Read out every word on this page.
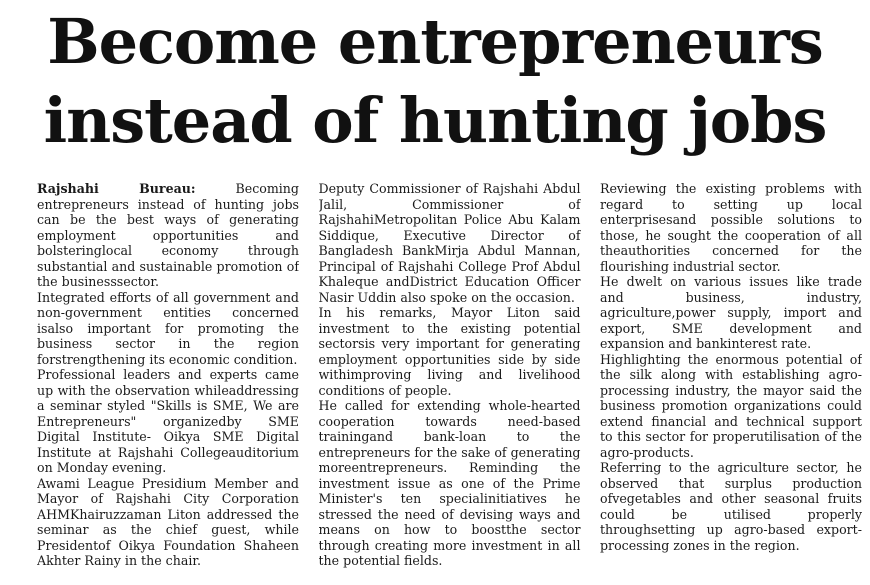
Become entrepreneurs
instead of hunting jobs

Rajshahi Bureau:	Becoming entrepreneurs instead of hunting jobs can be the best ways of generating employment opportunities and bolsteringlocal economy through substantial and sustainable promotion of the businesssector.

Integrated efforts of all government and non-government entities concerned isalso important for promoting the business sector in the region forstrengthening its economic condition.

Professional leaders and experts came up with the observation whileaddressing a seminar styled "Skills is SME, We are Entrepreneurs" organizedby SME Digital Institute- Oikya SME Digital Institute at Rajshahi Collegeauditorium on Monday evening.

Awami League Presidium Member and Mayor of Rajshahi City Corporation AHMKhairuzzaman Liton addressed the seminar as the chief guest, while Presidentof Oikya Foundation Shaheen Akhter Rainy in the chair.

Deputy Commissioner of Rajshahi Abdul Jalil, Commissioner of RajshahiMetropolitan Police Abu Kalam Siddique, Executive Director of Bangladesh BankMirja Abdul Mannan, Principal of Rajshahi College Prof Abdul Khaleque andDistrict Education Officer Nasir Uddin also spoke on the occasion.

In his remarks, Mayor Liton said investment to the existing potential sectorsis very important for generating employment opportunities side by side withimproving living and livelihood conditions of people.

He called for extending whole-hearted cooperation towards need-based trainingand bank-loan to the entrepreneurs for the sake of generating moreentrepreneurs. Reminding the investment issue as one of the Prime Minister's ten specialinitiatives he stressed the need of devising ways and means on how to boostthe sector through creating more investment in all the potential fields.

Reviewing the existing problems with regard to setting up local enterprisesand possible solutions to those, he sought the cooperation of all theauthorities concerned for the flourishing industrial sector.

He dwelt on various issues like trade and business, industry, agriculture,power supply, import and export, SME development and expansion and bankinterest rate.

Highlighting the enormous potential of the silk along with establishing agro-processing industry, the mayor said the business promotion organizations could extend financial and technical support to this sector for properutilisation of the agro-products.

Referring to the agriculture sector, he observed that surplus production ofvegetables and other seasonal fruits could be utilised properly throughsetting up agro-based export-processing zones in the region.
